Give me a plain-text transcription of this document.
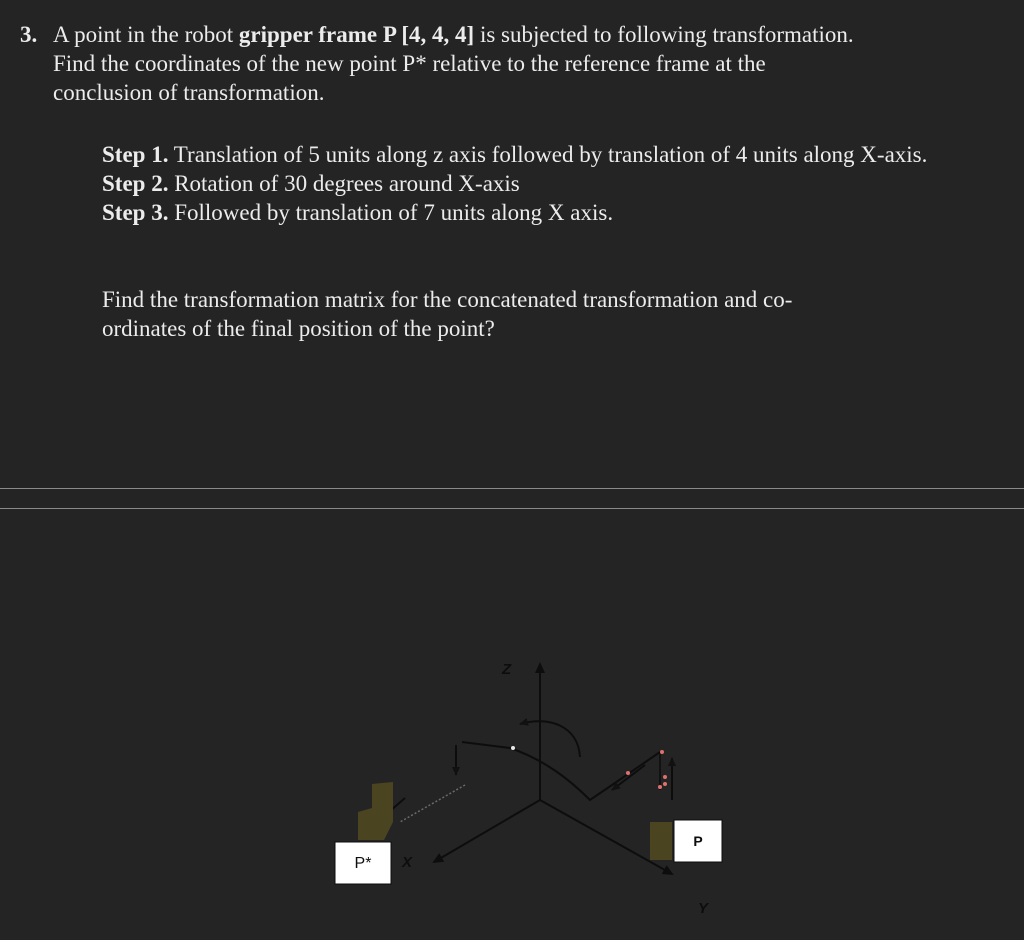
3. A point in the robot gripper frame P [4, 4, 4] is subjected to following transformation.
Find the coordinates of the new point P* relative to the reference frame at the
conclusion of transformation.
Step 1. Translation of 5 units along z axis followed by translation of 4 units along X-axis.
Step 2. Rotation of 30 degrees around X-axis
Step 3. Followed by translation of 7 units along X axis.
Find the transformation matrix for the concatenated transformation and co-
ordinates of the final position of the point?
Z
X
Y
P
P*
